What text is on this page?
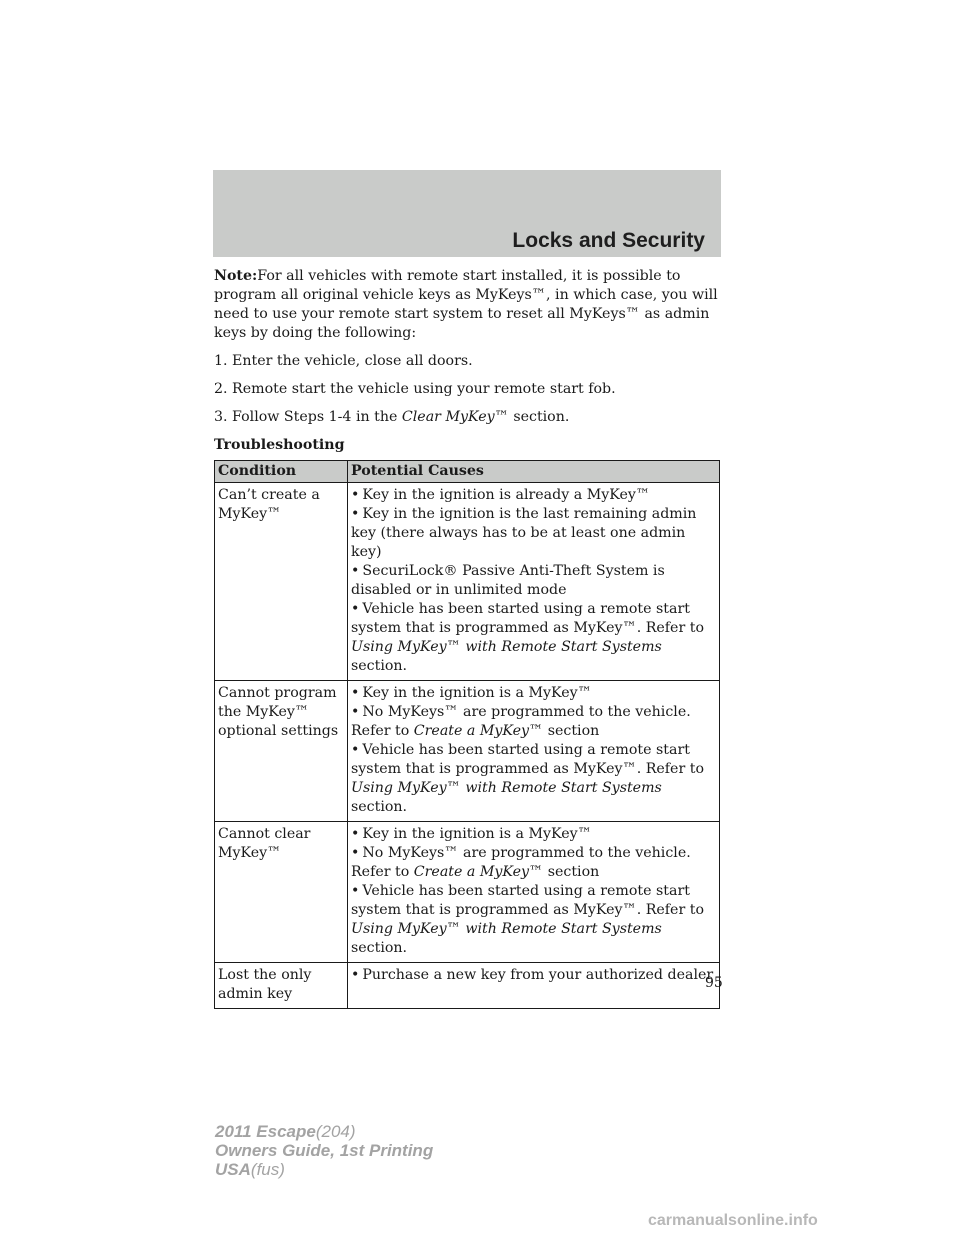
Locks and Security

Note:For all vehicles with remote start installed, it is possible to program all original vehicle keys as MyKeys™, in which case, you will need to use your remote start system to reset all MyKeys™ as admin keys by doing the following:

1. Enter the vehicle, close all doors.

2. Remote start the vehicle using your remote start fob.

3. Follow Steps 1-4 in the Clear MyKey™ section.

Troubleshooting
Condition	Potential Causes
Can’t create a MyKey™	• Key in the ignition is already a MyKey™
• Key in the ignition is the last remaining admin key (there always has to be at least one admin key)
• SecuriLock® Passive Anti-Theft System is disabled or in unlimited mode
• Vehicle has been started using a remote start system that is programmed as MyKey™. Refer to Using MyKey™ with Remote Start Systems section.

Cannot program the MyKey™ optional settings	• Key in the ignition is a MyKey™
• No MyKeys™ are programmed to the vehicle. Refer to Create a MyKey™ section
• Vehicle has been started using a remote start system that is programmed as MyKey™. Refer to Using MyKey™ with Remote Start Systems section.

Cannot clear MyKey™	• Key in the ignition is a MyKey™
• No MyKeys™ are programmed to the vehicle. Refer to Create a MyKey™ section
• Vehicle has been started using a remote start system that is programmed as MyKey™. Refer to Using MyKey™ with Remote Start Systems section.

Lost the only admin key	• Purchase a new key from your authorized dealer
95
2011 Escape(204)
Owners Guide, 1st Printing
USA(fus)
carmanualsonline.info
